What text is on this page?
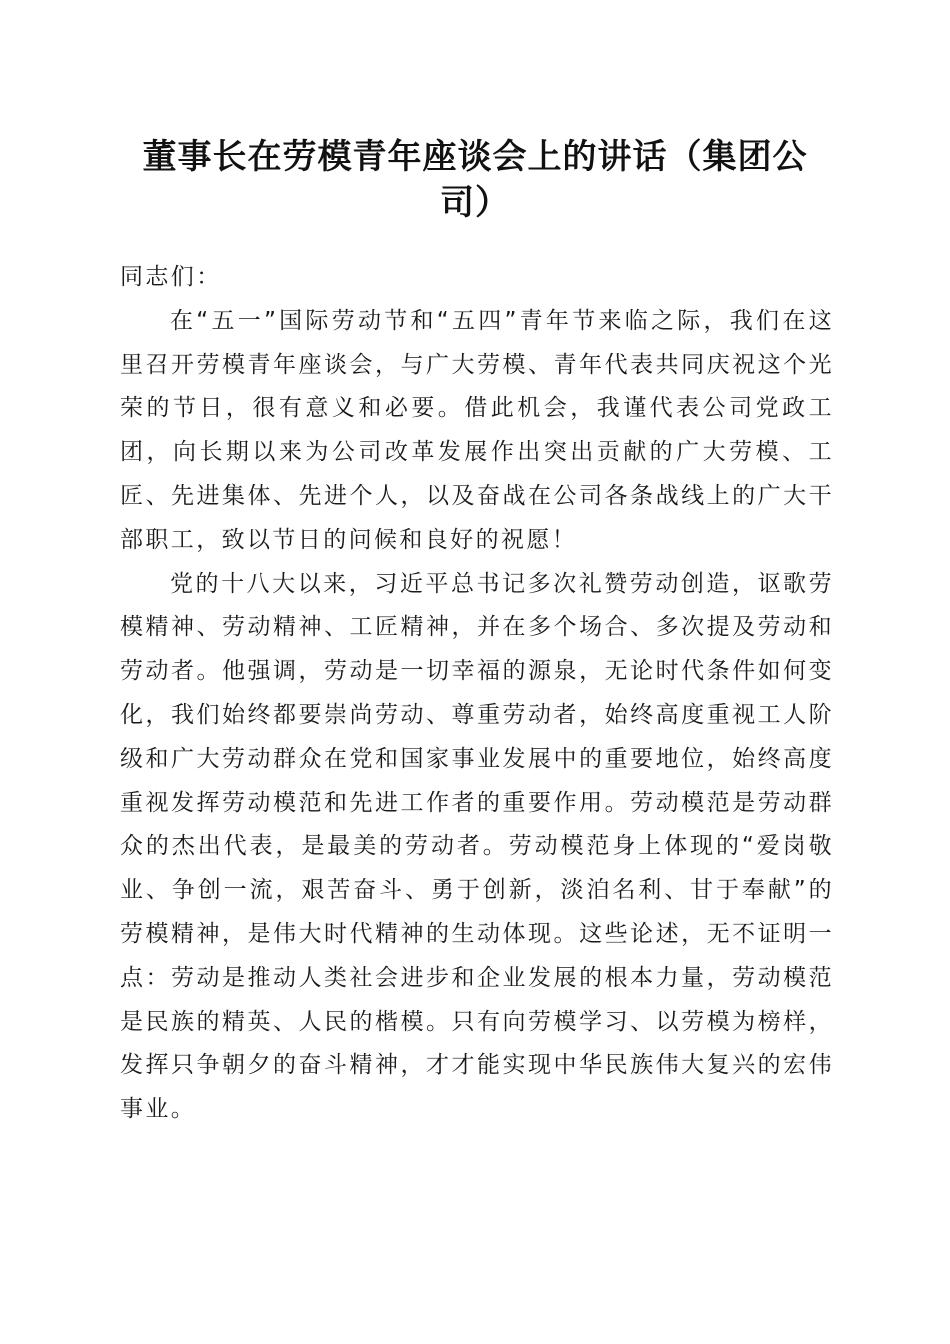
董事长在劳模青年座谈会上的讲话（集团公司）

同志们：

在“五一”国际劳动节和“五四”青年节来临之际，我们在这里召开劳模青年座谈会，与广大劳模、青年代表共同庆祝这个光荣的节日，很有意义和必要。借此机会，我谨代表公司党政工团，向长期以来为公司改革发展作出突出贡献的广大劳模、工匠、先进集体、先进个人，以及奋战在公司各条战线上的广大干部职工，致以节日的问候和良好的祝愿！

党的十八大以来，习近平总书记多次礼赞劳动创造，讴歌劳模精神、劳动精神、工匠精神，并在多个场合、多次提及劳动和劳动者。他强调，劳动是一切幸福的源泉，无论时代条件如何变化，我们始终都要崇尚劳动、尊重劳动者，始终高度重视工人阶级和广大劳动群众在党和国家事业发展中的重要地位，始终高度重视发挥劳动模范和先进工作者的重要作用。劳动模范是劳动群众的杰出代表，是最美的劳动者。劳动模范身上体现的“爱岗敬业、争创一流，艰苦奋斗、勇于创新，淡泊名利、甘于奉献”的劳模精神，是伟大时代精神的生动体现。这些论述，无不证明一点：劳动是推动人类社会进步和企业发展的根本力量，劳动模范是民族的精英、人民的楷模。只有向劳模学习、以劳模为榜样，发挥只争朝夕的奋斗精神，才才能实现中华民族伟大复兴的宏伟事业。
